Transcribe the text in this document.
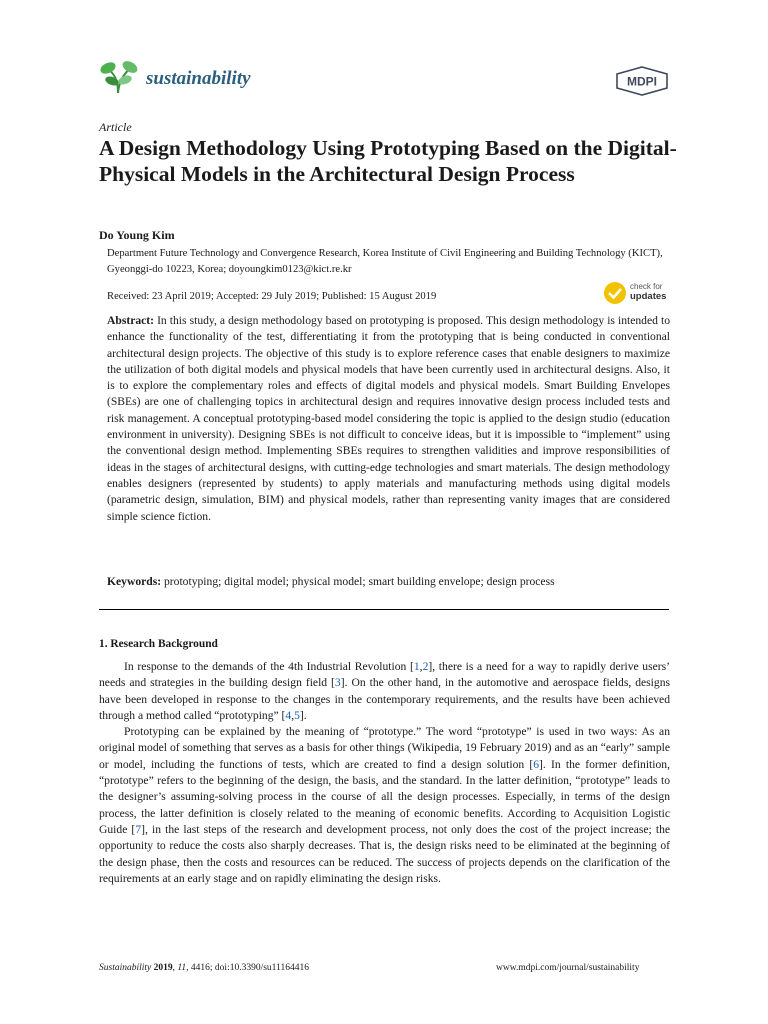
sustainability	MDPI
Article
A Design Methodology Using Prototyping Based on the Digital-Physical Models in the Architectural Design Process
Do Young Kim
Department Future Technology and Convergence Research, Korea Institute of Civil Engineering and Building Technology (KICT), Gyeonggi-do 10223, Korea; doyoungkim0123@kict.re.kr
Received: 23 April 2019; Accepted: 29 July 2019; Published: 15 August 2019
check for
updates
Abstract: In this study, a design methodology based on prototyping is proposed. This design methodology is intended to enhance the functionality of the test, differentiating it from the prototyping that is being conducted in conventional architectural design projects. The objective of this study is to explore reference cases that enable designers to maximize the utilization of both digital models and physical models that have been currently used in architectural designs. Also, it is to explore the complementary roles and effects of digital models and physical models. Smart Building Envelopes (SBEs) are one of challenging topics in architectural design and requires innovative design process included tests and risk management. A conceptual prototyping-based model considering the topic is applied to the design studio (education environment in university). Designing SBEs is not difficult to conceive ideas, but it is impossible to “implement” using the conventional design method. Implementing SBEs requires to strengthen validities and improve responsibilities of ideas in the stages of architectural designs, with cutting-edge technologies and smart materials. The design methodology enables designers (represented by students) to apply materials and manufacturing methods using digital models (parametric design, simulation, BIM) and physical models, rather than representing vanity images that are considered simple science fiction.
Keywords: prototyping; digital model; physical model; smart building envelope; design process
1. Research Background

In response to the demands of the 4th Industrial Revolution [1,2], there is a need for a way to rapidly derive users’ needs and strategies in the building design field [3]. On the other hand, in the automotive and aerospace fields, designs have been developed in response to the changes in the contemporary requirements, and the results have been achieved through a method called “prototyping” [4,5].

Prototyping can be explained by the meaning of “prototype.” The word “prototype” is used in two ways: As an original model of something that serves as a basis for other things (Wikipedia, 19 February 2019) and as an “early” sample or model, including the functions of tests, which are created to find a design solution [6]. In the former definition, “prototype” refers to the beginning of the design, the basis, and the standard. In the latter definition, “prototype” leads to the designer’s assuming-solving process in the course of all the design processes. Especially, in terms of the design process, the latter definition is closely related to the meaning of economic benefits. According to Acquisition Logistic Guide [7], in the last steps of the research and development process, not only does the cost of the project increase; the opportunity to reduce the costs also sharply decreases. That is, the design risks need to be eliminated at the beginning of the design phase, then the costs and resources can be reduced. The success of projects depends on the clarification of the requirements at an early stage and on rapidly eliminating the design risks.

Sustainability 2019, 11, 4416; doi:10.3390/su11164416	www.mdpi.com/journal/sustainability
